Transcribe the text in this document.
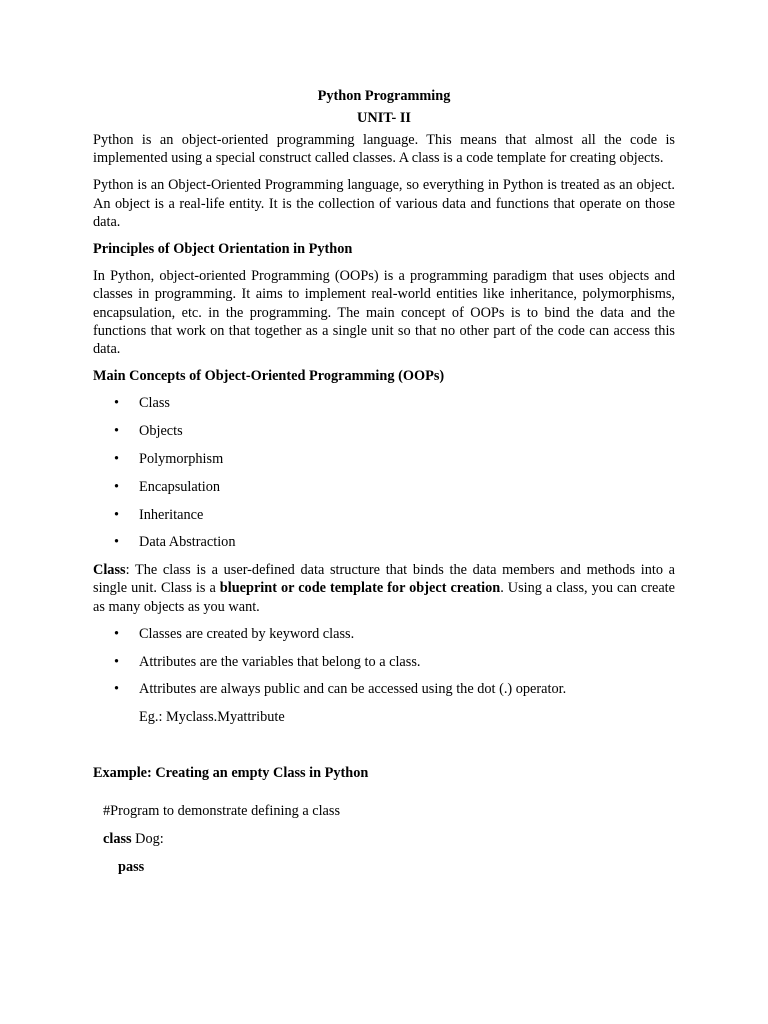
Python Programming
UNIT- II

Python is an object-oriented programming language. This means that almost all the code is implemented using a special construct called classes. A class is a code template for creating objects.

Python is an Object-Oriented Programming language, so everything in Python is treated as an object. An object is a real-life entity. It is the collection of various data and functions that operate on those data.

Principles of Object Orientation in Python

In Python, object-oriented Programming (OOPs) is a programming paradigm that uses objects and classes in programming. It aims to implement real-world entities like inheritance, polymorphisms, encapsulation, etc. in the programming. The main concept of OOPs is to bind the data and the functions that work on that together as a single unit so that no other part of the code can access this data.

Main Concepts of Object-Oriented Programming (OOPs)
• Class
• Objects
• Polymorphism
• Encapsulation
• Inheritance
• Data Abstraction

Class: The class is a user-defined data structure that binds the data members and methods into a single unit. Class is a blueprint or code template for object creation. Using a class, you can create as many objects as you want.

• Classes are created by keyword class.
• Attributes are the variables that belong to a class.
• Attributes are always public and can be accessed using the dot (.) operator.
Eg.: Myclass.Myattribute
Example: Creating an empty Class in Python
#Program to demonstrate defining a class
class Dog:
pass
